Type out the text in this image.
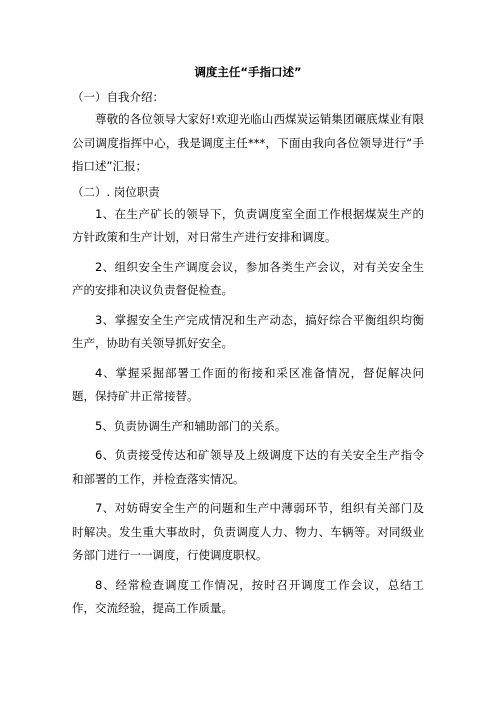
调度主任“手指口述”

（一）自我介绍：

尊敬的各位领导大家好!欢迎光临山西煤炭运销集团碾底煤业有限公司调度指挥中心，我是调度主任***，下面由我向各位领导进行“手指口述”汇报；

（二）. 岗位职责

1、在生产矿长的领导下，负责调度室全面工作根据煤炭生产的方针政策和生产计划，对日常生产进行安排和调度。

2、组织安全生产调度会议，参加各类生产会议，对有关安全生产的安排和决议负责督促检查。

3、掌握安全生产完成情况和生产动态，搞好综合平衡组织均衡生产，协助有关领导抓好安全。

4、掌握采掘部署工作面的衔接和采区准备情况，督促解决问题，保持矿井正常接替。

5、负责协调生产和辅助部门的关系。

6、负责接受传达和矿领导及上级调度下达的有关安全生产指令和部署的工作，并检查落实情况。

7、对妨碍安全生产的问题和生产中薄弱环节，组织有关部门及时解决。发生重大事故时，负责调度人力、物力、车辆等。对同级业务部门进行一一调度，行使调度职权。

8、经常检查调度工作情况，按时召开调度工作会议，总结工作，交流经验，提高工作质量。
